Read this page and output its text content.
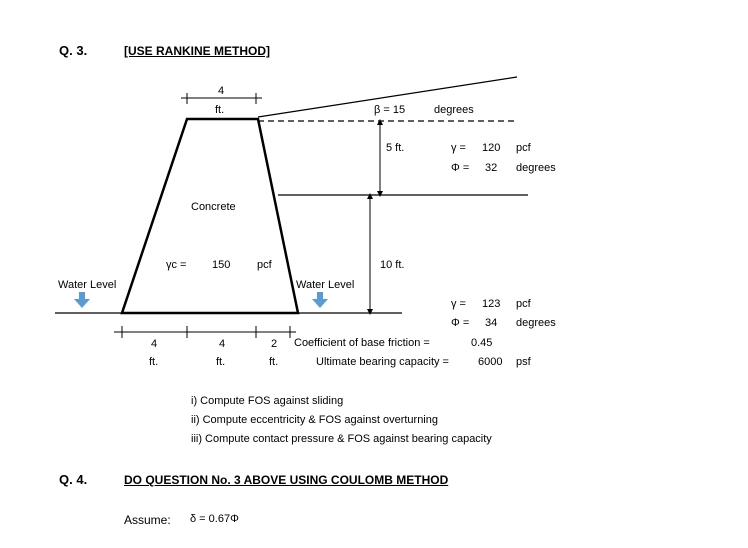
Q. 3.	[USE RANKINE METHOD]
4
ft.	β = 15	degrees
5 ft.	γ = 120 pcf
Φ = 32 degrees
Concrete
γc = 150 pcf	10 ft.
Water Level	Water Level
γ = 123 pcf
Φ = 34 degrees
4
ft.
4
ft.
2
ft.
Coefficient of base friction =	0.45
Ultimate bearing capacity =	6000 psf
i) Compute FOS against sliding
ii) Compute eccentricity & FOS against overturning
iii) Compute contact pressure & FOS against bearing capacity
Q. 4.	DO QUESTION No. 3 ABOVE USING COULOMB METHOD
Assume: δ = 0.67Φ
